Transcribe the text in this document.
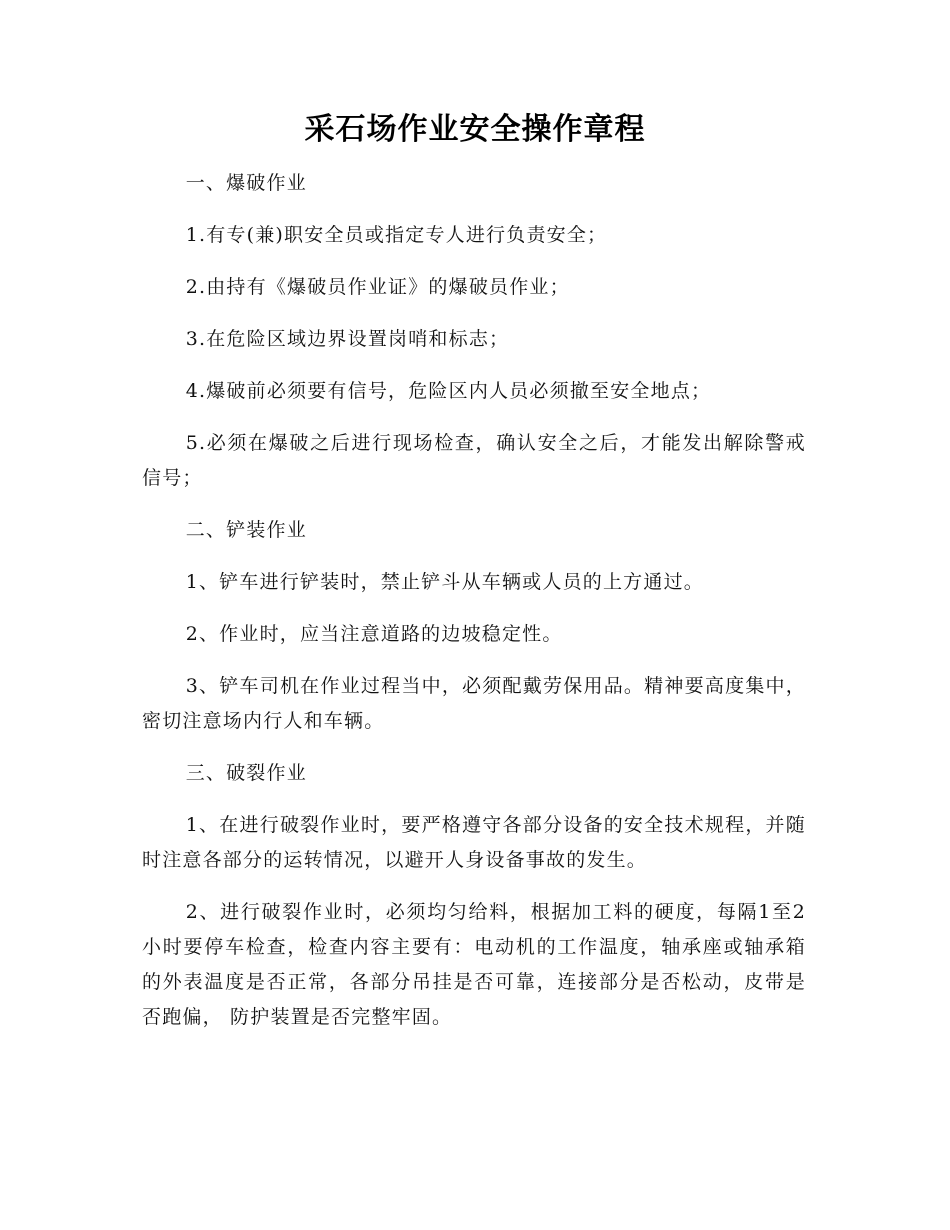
采石场作业安全操作章程

一、爆破作业

1.有专(兼)职安全员或指定专人进行负责安全；

2.由持有《爆破员作业证》的爆破员作业；

3.在危险区域边界设置岗哨和标志；

4.爆破前必须要有信号，危险区内人员必须撤至安全地点；

5.必须在爆破之后进行现场检查，确认安全之后，才能发出解除警戒信号；

二、铲装作业

1、铲车进行铲装时，禁止铲斗从车辆或人员的上方通过。

2、作业时，应当注意道路的边坡稳定性。

3、铲车司机在作业过程当中，必须配戴劳保用品。精神要高度集中，密切注意场内行人和车辆。

三、破裂作业

1、在进行破裂作业时，要严格遵守各部分设备的安全技术规程，并随时注意各部分的运转情况，以避开人身设备事故的发生。

2、进行破裂作业时，必须均匀给料，根据加工料的硬度，每隔1至2 小时要停车检查，检查内容主要有：电动机的工作温度，轴承座或轴承箱的外表温度是否正常，各部分吊挂是否可靠，连接部分是否松动，皮带是否跑偏， 防护装置是否完整牢固。
